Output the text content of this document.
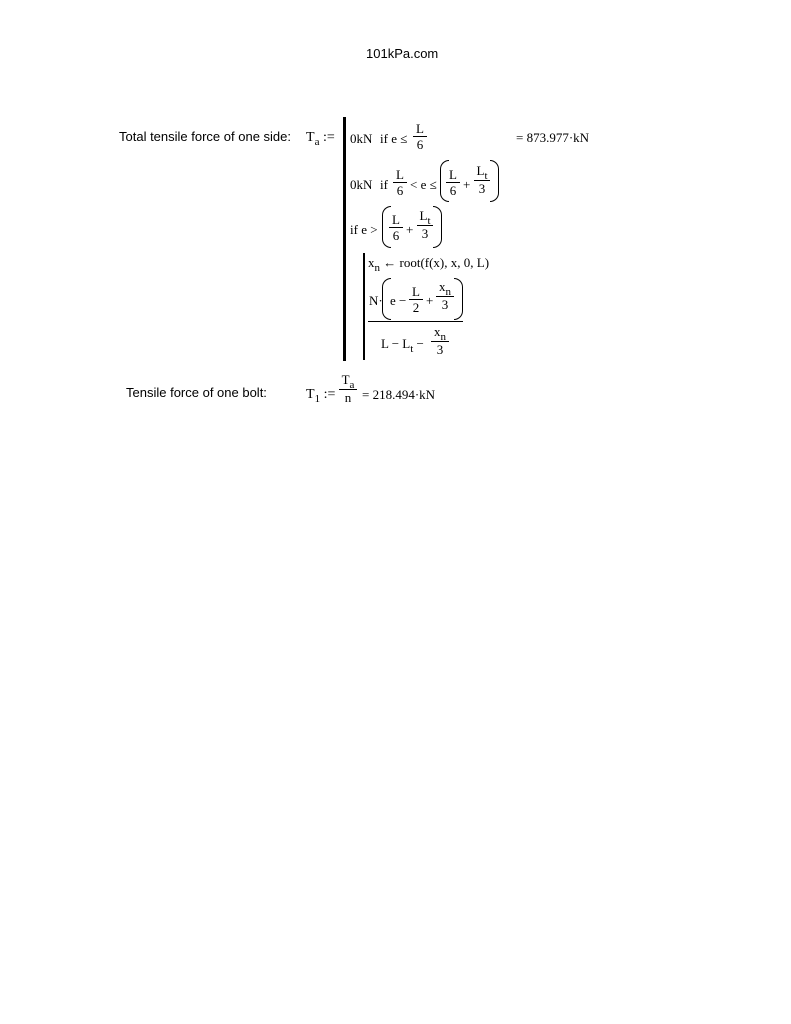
101kPa.com
Total tensile force of one side: $T_a$ := 0kN if e ≤
L
6	= 873.977·kN
0kN if
L
6 < e ≤
L
6 +
$L_t$
3
if e >
L
6 +
$L_t$
3
$x_n$ ← root(f(x), x, 0, L)
N· e −
L
2 +
$x_n$
3
$L - L_t$ −
$x_n$
3
Tensile force of one bolt:	$T_1$ :=
$T_a$
n = 218.494·kN
